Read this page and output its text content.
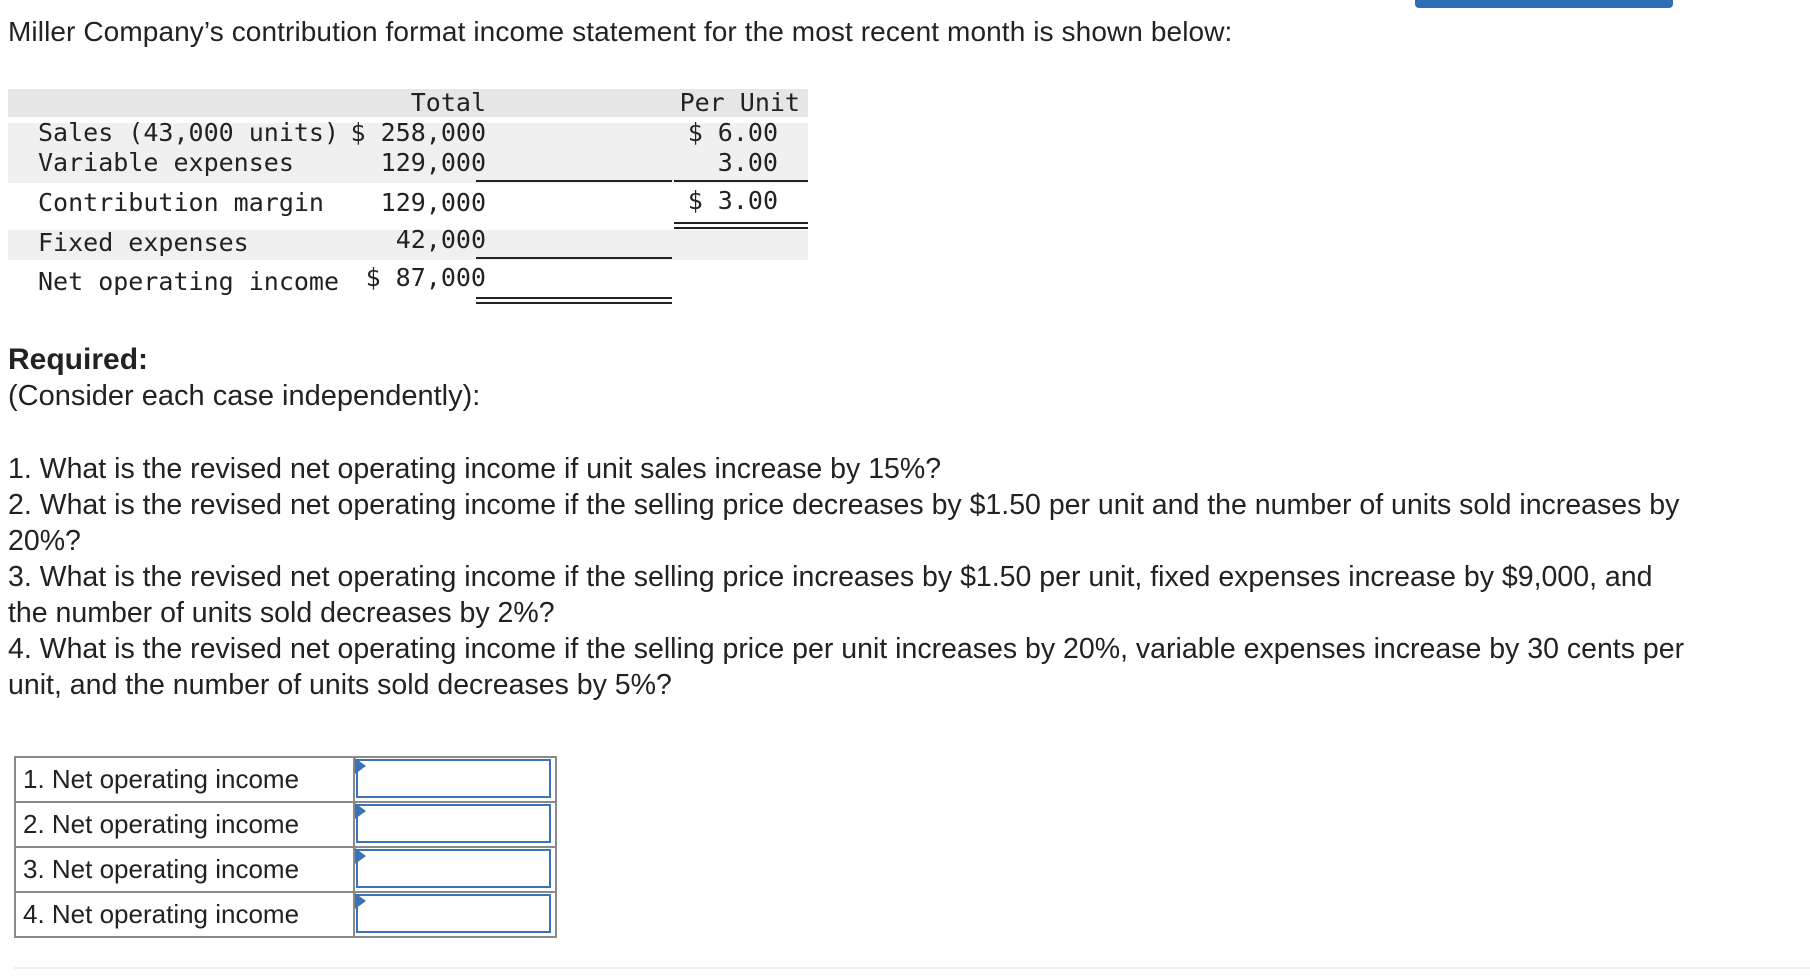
Miller Company’s contribution format income statement for the most recent month is shown below:
Total	Per Unit
Sales (43,000 units) $ 258,000	$ 6.00
Variable expenses	129,000	3.00
Contribution margin 129,000	$ 3.00
Fixed expenses	42,000
Net operating income $ 87,000
Required:
(Consider each case independently):

1. What is the revised net operating income if unit sales increase by 15%?

2. What is the revised net operating income if the selling price decreases by $1.50 per unit and the number of units sold increases by 20%?

3. What is the revised net operating income if the selling price increases by $1.50 per unit, fixed expenses increase by $9,000, and the number of units sold decreases by 2%?

4. What is the revised net operating income if the selling price per unit increases by 20%, variable expenses increase by 30 cents per unit, and the number of units sold decreases by 5%?

1. Net operating income	

2. Net operating income	

3. Net operating income	

4. Net operating income	
